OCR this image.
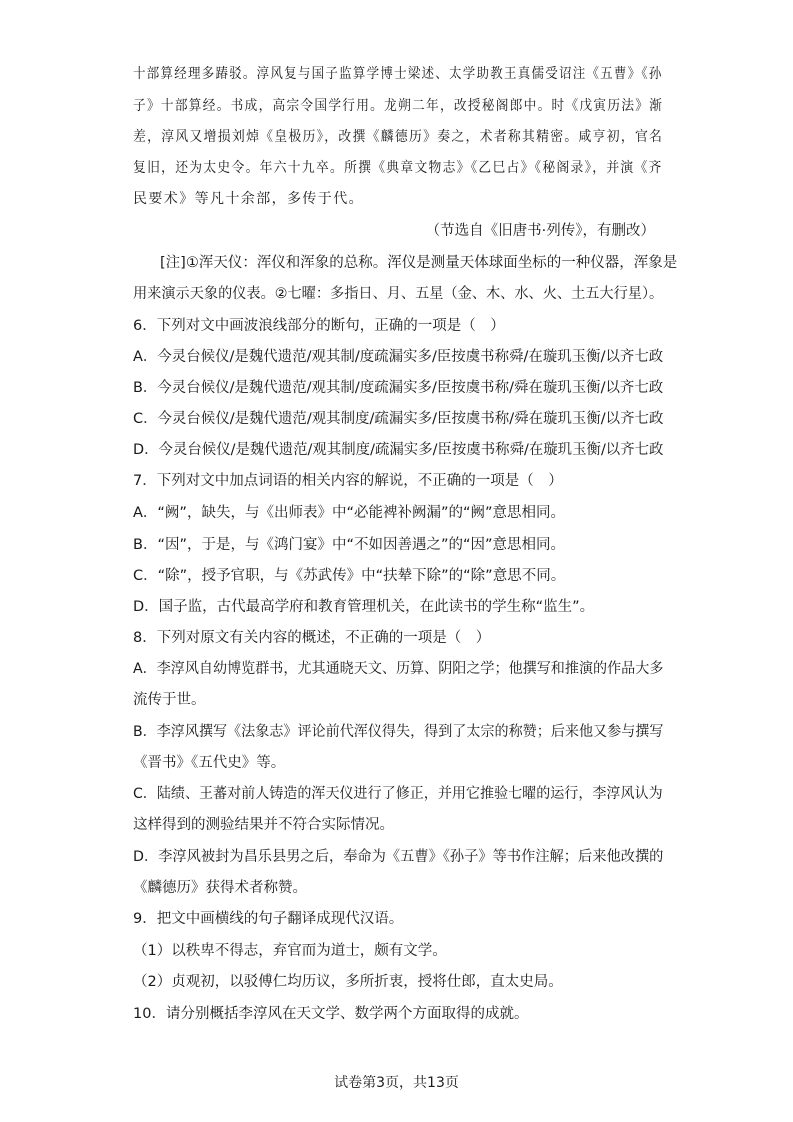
十部算经理多踳驳。淳风复与国子监算学博士梁述、太学助教王真儒受诏注《五曹》《孙
子》十部算经。书成，高宗令国学行用。龙朔二年，改授秘阁郎中。时《戊寅历法》渐
差，淳风又增损刘焯《皇极历》，改撰《麟德历》奏之，术者称其精密。咸亨初，官名
复旧，还为太史令。年六十九卒。所撰《典章文物志》《乙巳占》《秘阁录》，并演《齐
民要术》等凡十余部，多传于代。
（节选自《旧唐书·列传》，有删改）
[注]①浑天仪：浑仪和浑象的总称。浑仪是测量天体球面坐标的一种仪器，浑象是
用来演示天象的仪表。②七曜：多指日、月、五星（金、木、水、火、土五大行星）。
6．下列对文中画波浪线部分的断句，正确的一项是（　）
A．今灵台候仪/是魏代遗范/观其制/度疏漏实多/臣按虞书称舜/在璇玑玉衡/以齐七政
B．今灵台候仪/是魏代遗范/观其制/度疏漏实多/臣按虞书称/舜在璇玑玉衡/以齐七政
C．今灵台候仪/是魏代遗范/观其制度/疏漏实多/臣按虞书称/舜在璇玑玉衡/以齐七政
D．今灵台候仪/是魏代遗范/观其制度/疏漏实多/臣按虞书称舜/在璇玑玉衡/以齐七政
7．下列对文中加点词语的相关内容的解说，不正确的一项是（　）
A．“阙”，缺失，与《出师表》中“必能裨补阙漏”的“阙”意思相同。
B．“因”，于是，与《鸿门宴》中“不如因善遇之”的“因”意思相同。
C．“除”，授予官职，与《苏武传》中“扶辇下除”的“除”意思不同。
D．国子监，古代最高学府和教育管理机关，在此读书的学生称“监生”。
8．下列对原文有关内容的概述，不正确的一项是（　）
A．李淳风自幼博览群书，尤其通晓天文、历算、阴阳之学；他撰写和推演的作品大多
流传于世。
B．李淳风撰写《法象志》评论前代浑仪得失，得到了太宗的称赞；后来他又参与撰写
《晋书》《五代史》等。
C．陆绩、王蕃对前人铸造的浑天仪进行了修正，并用它推验七曜的运行，李淳风认为
这样得到的测验结果并不符合实际情况。
D．李淳风被封为昌乐县男之后，奉命为《五曹》《孙子》等书作注解；后来他改撰的
《麟德历》获得术者称赞。
9．把文中画横线的句子翻译成现代汉语。
（1）以秩卑不得志，弃官而为道士，颇有文学。
（2）贞观初，以驳傅仁均历议，多所折衷，授将仕郎，直太史局。
10．请分别概括李淳风在天文学、数学两个方面取得的成就。
试卷第3页，共13页
